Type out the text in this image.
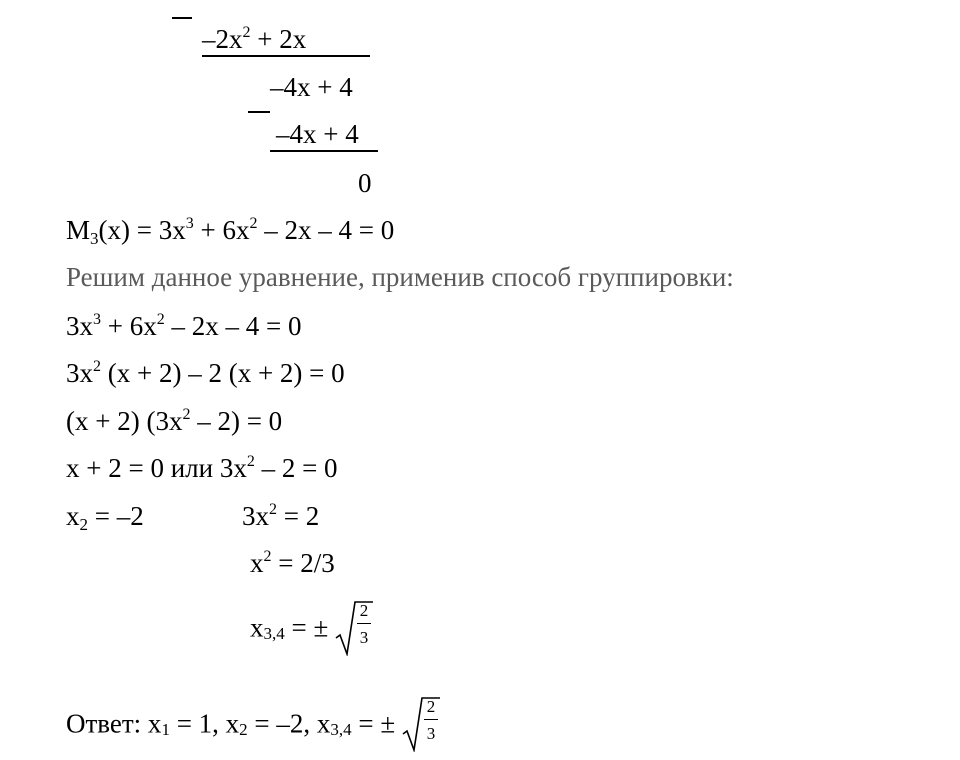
$-2x^2 + 2x$
–4x + 4
–4x + 4
0
$M_3(x) = 3x^3 + 6x^2 - 2x - 4 = 0$
Решим данное уравнение, применив способ группировки:
$3x^3 + 6x^2 - 2x - 4 = 0$
$3x^2$ (x + 2) – 2 (x + 2) = 0
(x + 2) $(3x^2 - 2) = 0$
x + 2 = 0 или $3x^2 - 2 = 0$
$x_2 = -2$	$3x^2 = 2$
$x^2 = 2/3$
$x_{3,4}$ = ±
2
3
Ответ: $x_1 = 1$, $x_2 = -2$, $x_{3,4}$ = ±
2
3
